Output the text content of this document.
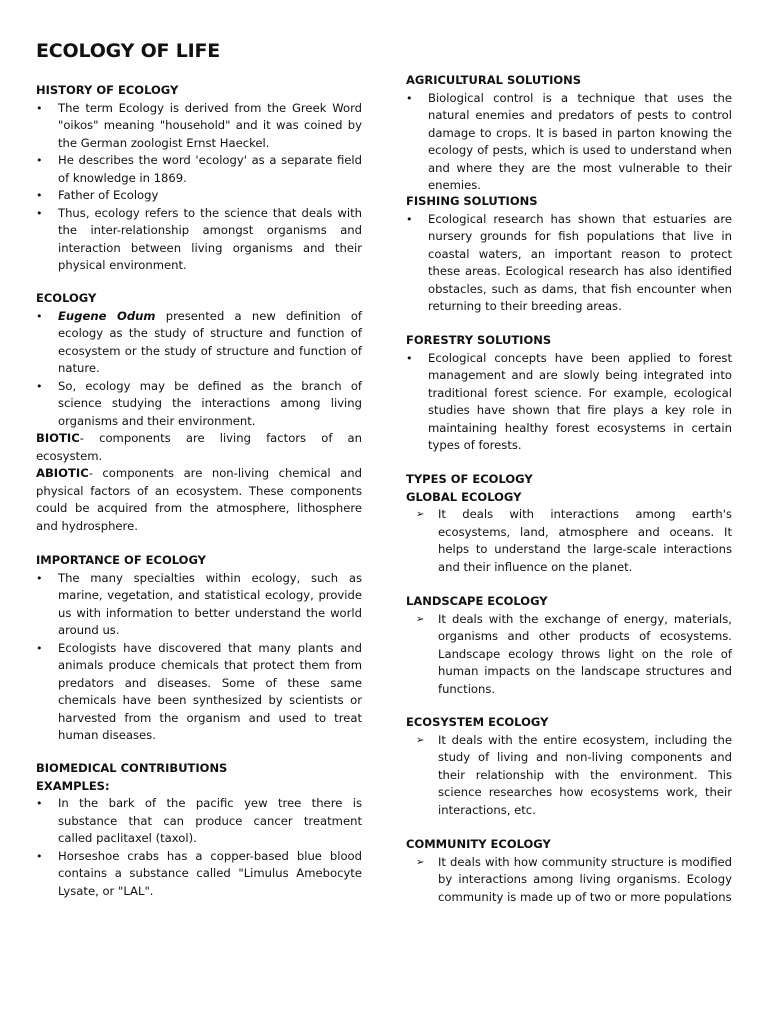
ECOLOGY OF LIFE
HISTORY OF ECOLOGY
•	The term Ecology is derived from the Greek Word "oikos" meaning "household" and it was coined by the German zoologist Ernst Haeckel.
•	He describes the word 'ecology' as a separate field of knowledge in 1869.
•	Father of Ecology
•	Thus, ecology refers to the science that deals with the inter-relationship amongst organisms and interaction between living organisms and their physical environment.
ECOLOGY
•	Eugene Odum presented a new definition of ecology as the study of structure and function of ecosystem or the study of structure and function of nature.
•	So, ecology may be defined as the branch of science studying the interactions among living organisms and their environment.

BIOTIC- components are living factors of an ecosystem.

ABIOTIC- components are non-living chemical and physical factors of an ecosystem. These components could be acquired from the atmosphere, lithosphere and hydrosphere.

IMPORTANCE OF ECOLOGY
•	The many specialties within ecology, such as marine, vegetation, and statistical ecology, provide us with information to better understand the world around us.
•	Ecologists have discovered that many plants and animals produce chemicals that protect them from predators and diseases. Some of these same chemicals have been synthesized by scientists or harvested from the organism and used to treat human diseases.
BIOMEDICAL CONTRIBUTIONS
EXAMPLES:
•	In the bark of the pacific yew tree there is substance that can produce cancer treatment called paclitaxel (taxol).
•	Horseshoe crabs has a copper-based blue blood contains a substance called "Limulus Amebocyte Lysate, or "LAL".
AGRICULTURAL SOLUTIONS
•	Biological control is a technique that uses the natural enemies and predators of pests to control damage to crops. It is based in parton knowing the ecology of pests, which is used to understand when and where they are the most vulnerable to their enemies.
FISHING SOLUTIONS
•	Ecological research has shown that estuaries are nursery grounds for fish populations that live in coastal waters, an important reason to protect these areas. Ecological research has also identified obstacles, such as dams, that fish encounter when returning to their breeding areas.
FORESTRY SOLUTIONS
•	Ecological concepts have been applied to forest management and are slowly being integrated into traditional forest science. For example, ecological studies have shown that fire plays a key role in maintaining healthy forest ecosystems in certain types of forests.
TYPES OF ECOLOGY
GLOBAL ECOLOGY
➢	It deals with interactions among earth's ecosystems, land, atmosphere and oceans. It helps to understand the large-scale interactions and their influence on the planet.
LANDSCAPE ECOLOGY
➢	It deals with the exchange of energy, materials, organisms and other products of ecosystems. Landscape ecology throws light on the role of human impacts on the landscape structures and functions.
ECOSYSTEM ECOLOGY
➢	It deals with the entire ecosystem, including the study of living and non-living components and their relationship with the environment. This science researches how ecosystems work, their interactions, etc.
COMMUNITY ECOLOGY
➢	It deals with how community structure is modified by interactions among living organisms. Ecology community is made up of two or more populations
